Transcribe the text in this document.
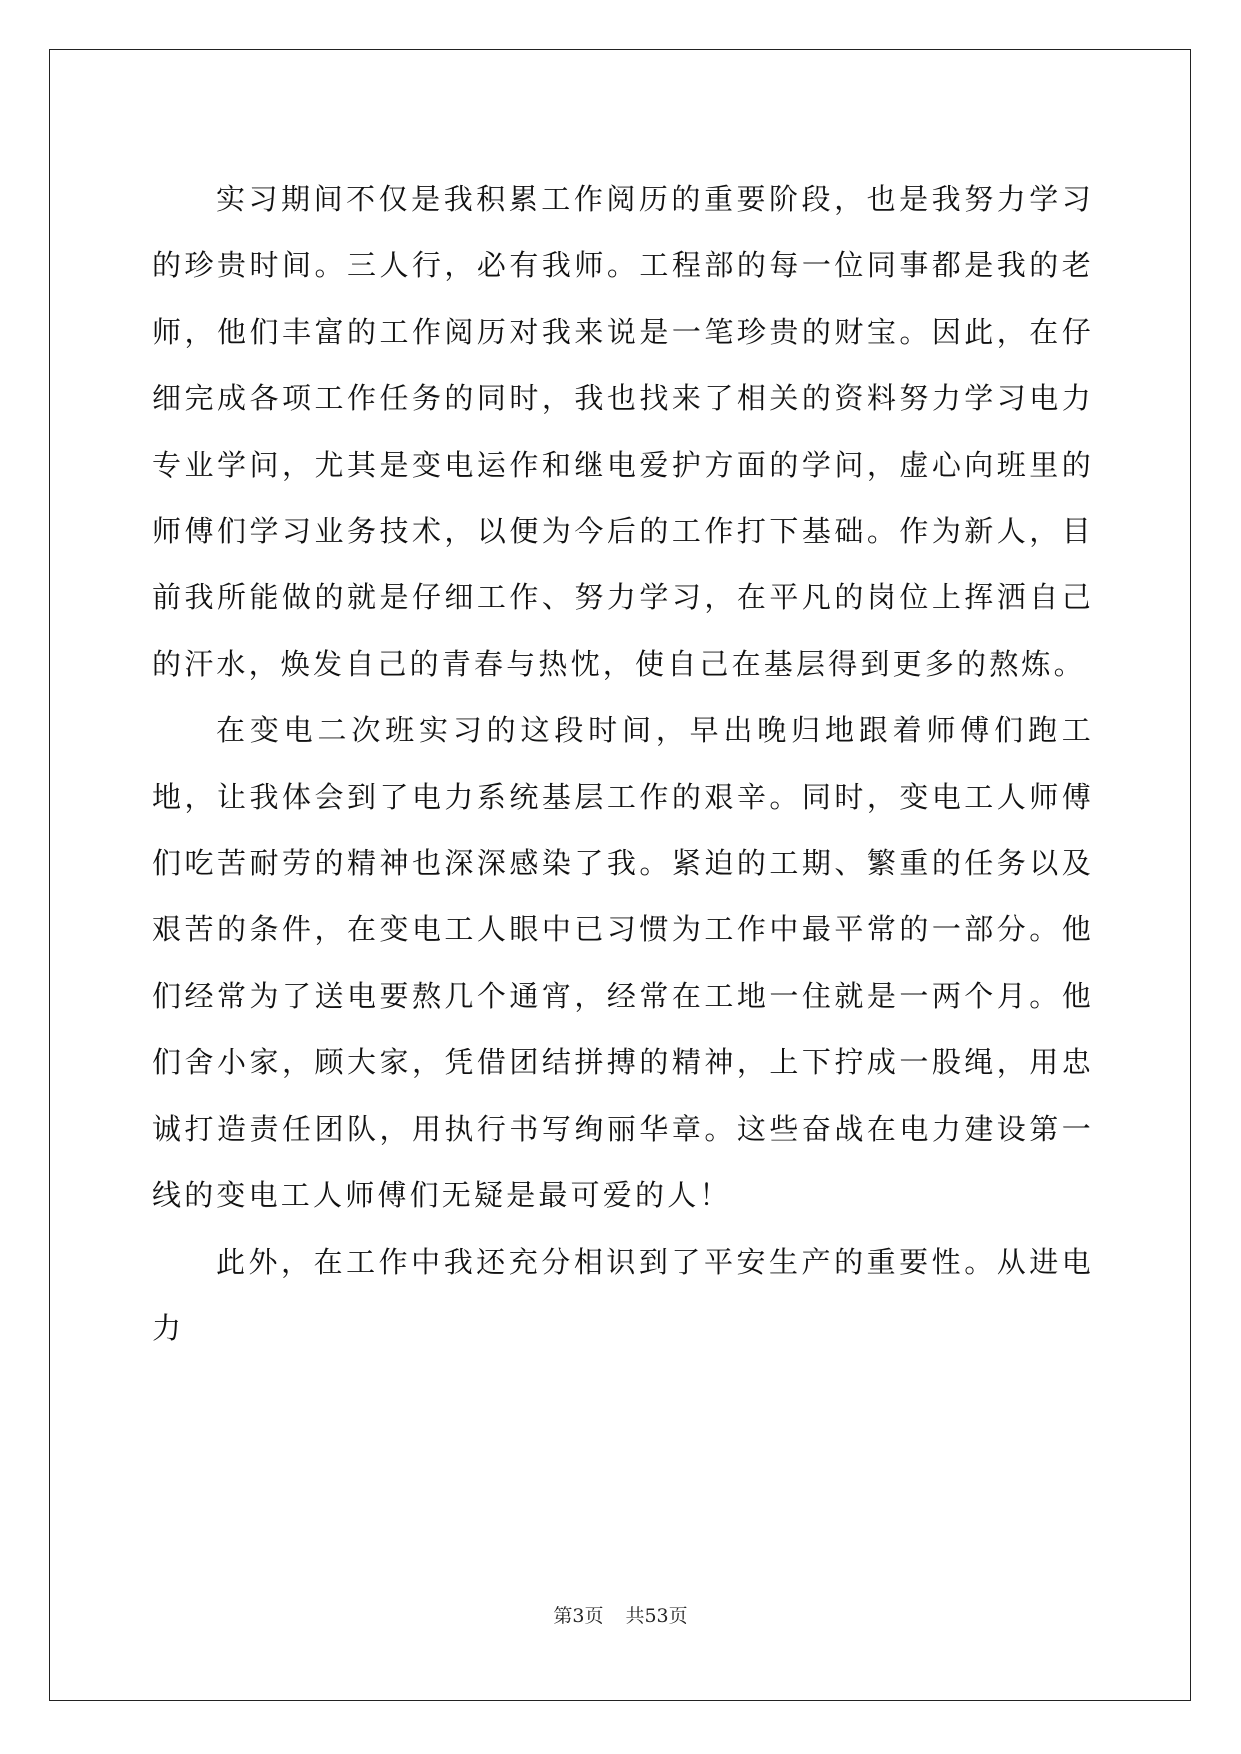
实习期间不仅是我积累工作阅历的重要阶段，也是我努力学习的珍贵时间。三人行，必有我师。工程部的每一位同事都是我的老师，他们丰富的工作阅历对我来说是一笔珍贵的财宝。因此，在仔细完成各项工作任务的同时，我也找来了相关的资料努力学习电力专业学问，尤其是变电运作和继电爱护方面的学问，虚心向班里的师傅们学习业务技术，以便为今后的工作打下基础。作为新人，目前我所能做的就是仔细工作、努力学习，在平凡的岗位上挥洒自己的汗水，焕发自己的青春与热忱，使自己在基层得到更多的熬炼。

在变电二次班实习的这段时间，早出晚归地跟着师傅们跑工地，让我体会到了电力系统基层工作的艰辛。同时，变电工人师傅们吃苦耐劳的精神也深深感染了我。紧迫的工期、繁重的任务以及艰苦的条件，在变电工人眼中已习惯为工作中最平常的一部分。他们经常为了送电要熬几个通宵，经常在工地一住就是一两个月。他们舍小家，顾大家，凭借团结拼搏的精神，上下拧成一股绳，用忠诚打造责任团队，用执行书写绚丽华章。这些奋战在电力建设第一线的变电工人师傅们无疑是最可爱的人！

此外，在工作中我还充分相识到了平安生产的重要性。从进电力

第3页 共53页
